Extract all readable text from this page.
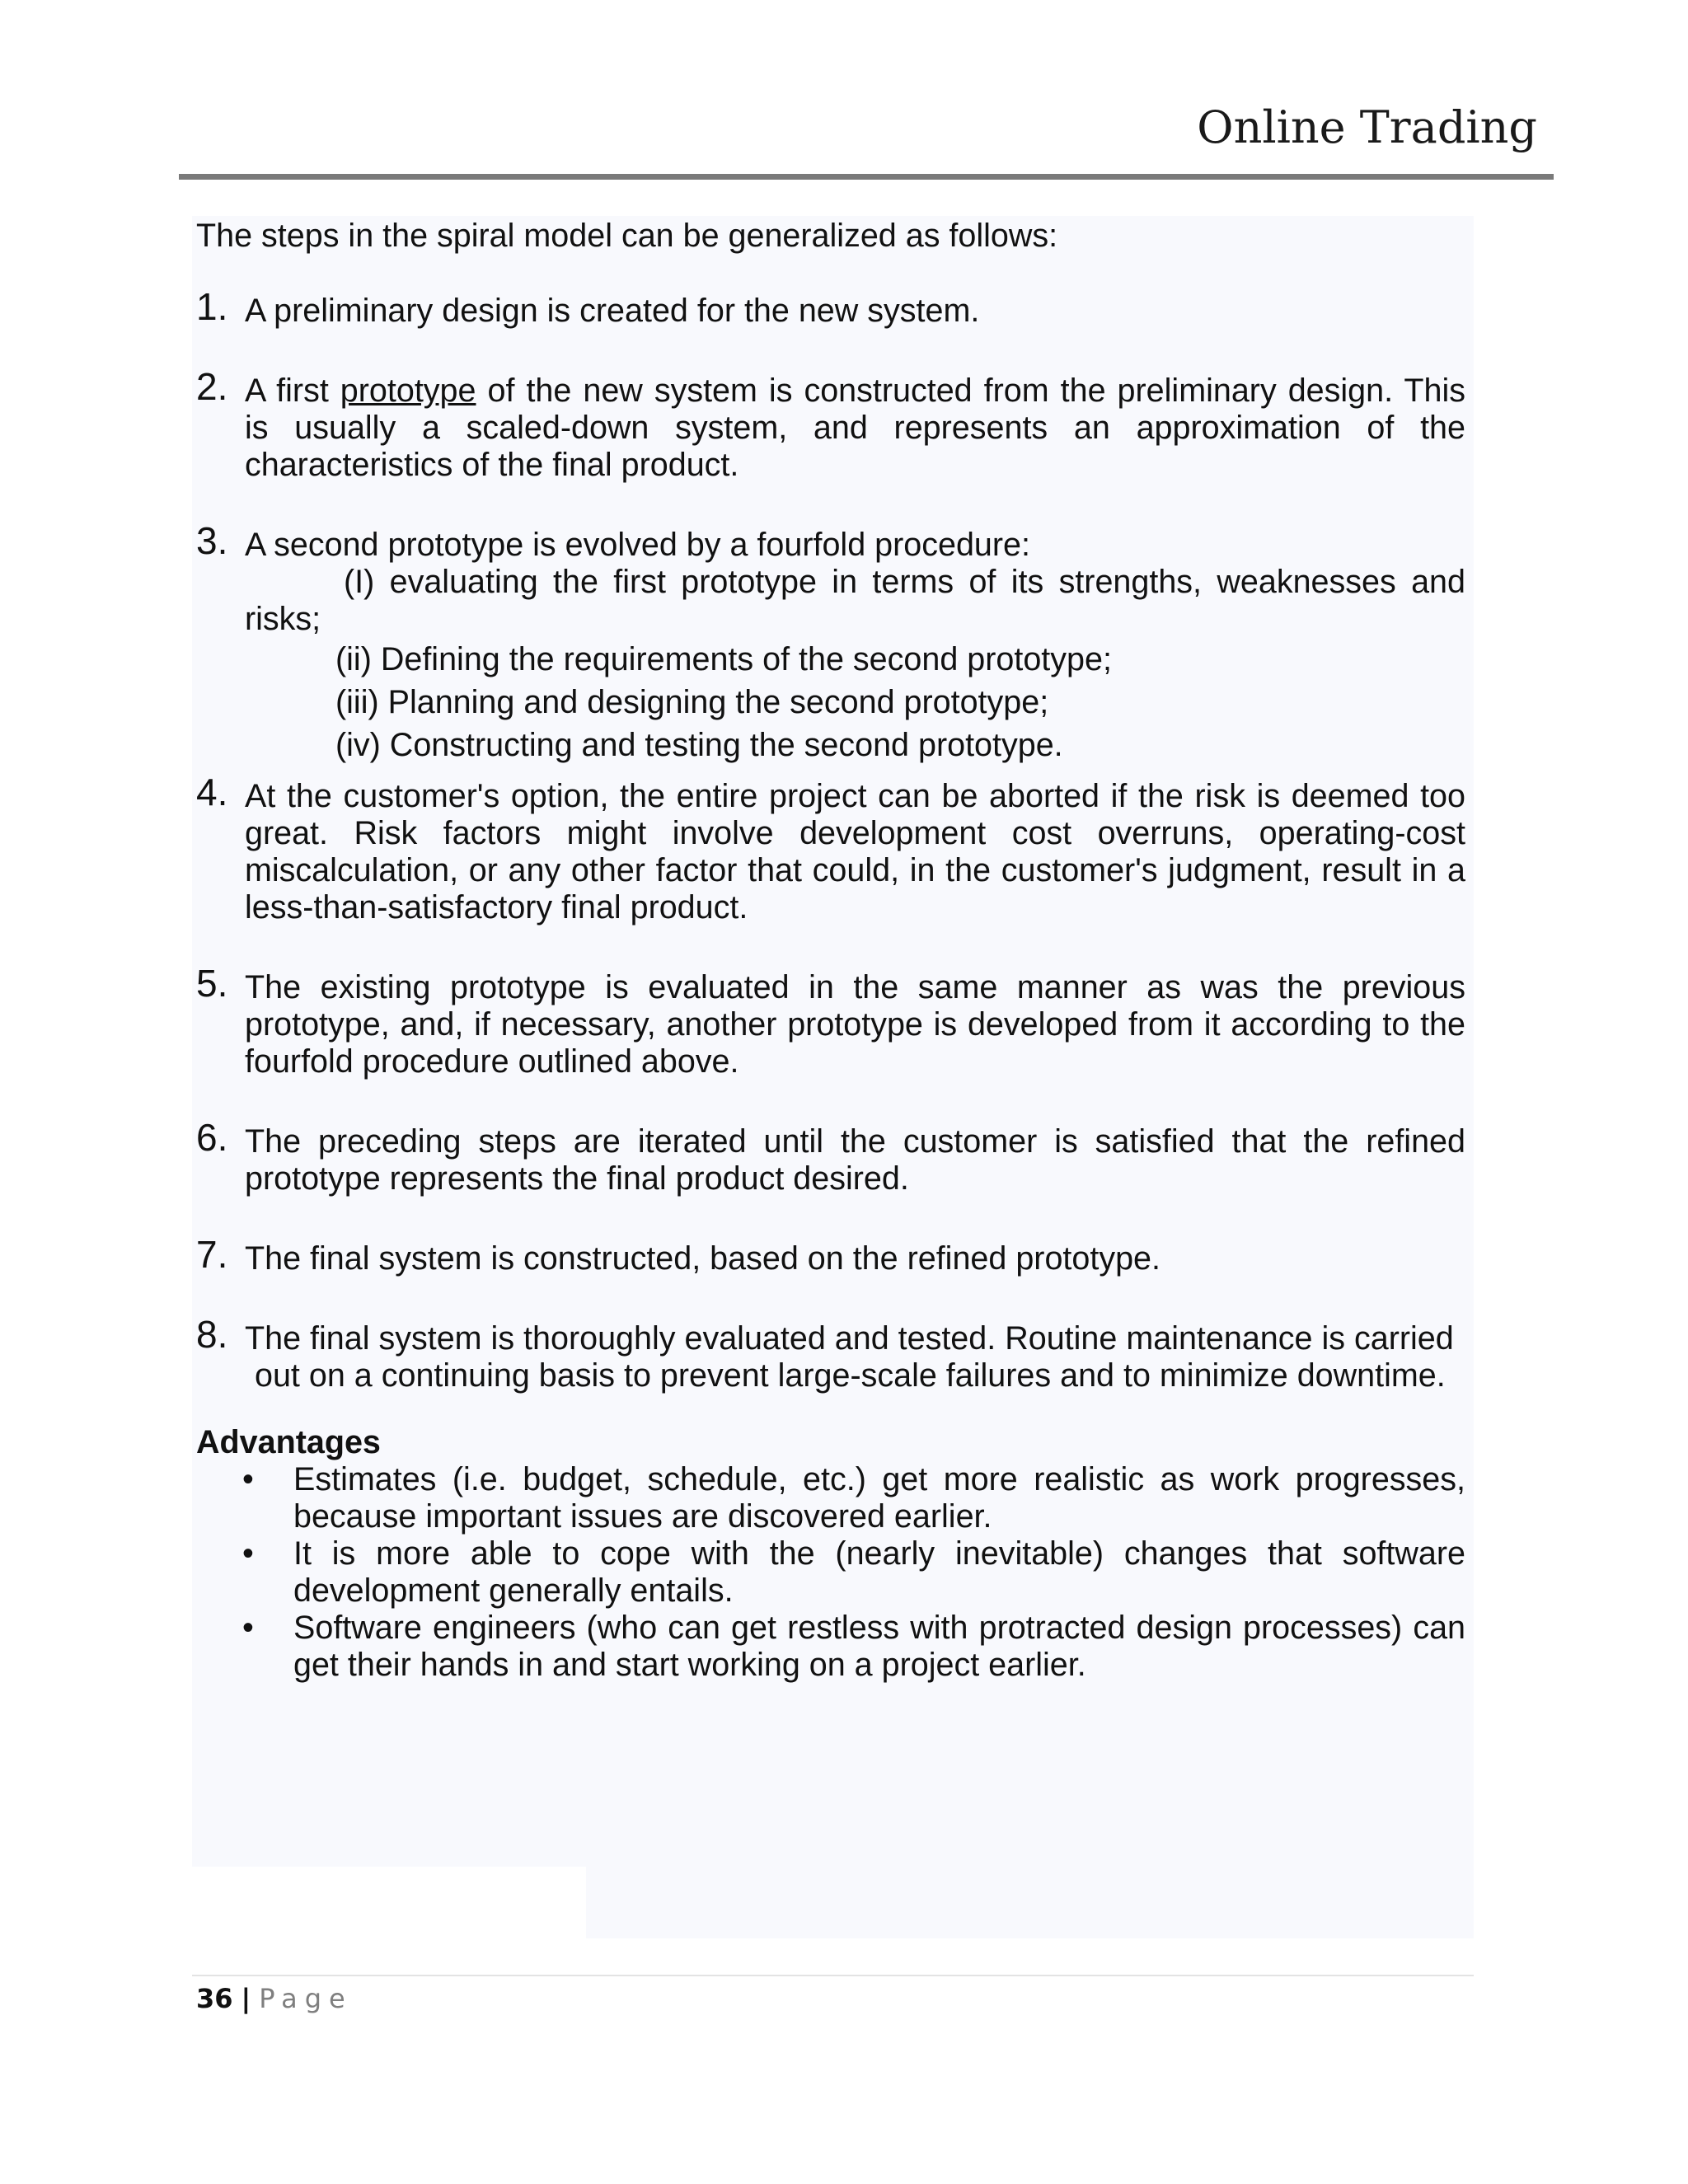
Online Trading

The steps in the spiral model can be generalized as follows:

1. A preliminary design is created for the new system.
2. A first prototype of the new system is constructed from the preliminary design. This is usually a scaled-down system, and represents an approximation of the characteristics of the final product.
3. A second prototype is evolved by a fourfold procedure:
(I) evaluating the first prototype in terms of its strengths, weaknesses and risks;
(ii) Defining the requirements of the second prototype;
(iii) Planning and designing the second prototype;
(iv) Constructing and testing the second prototype.
4. At the customer's option, the entire project can be aborted if the risk is deemed too great. Risk factors might involve development cost overruns, operating-cost miscalculation, or any other factor that could, in the customer's judgment, result in a less-than-satisfactory final product.
5. The existing prototype is evaluated in the same manner as was the previous prototype, and, if necessary, another prototype is developed from it according to the fourfold procedure outlined above.
6. The preceding steps are iterated until the customer is satisfied that the refined prototype represents the final product desired.
7. The final system is constructed, based on the refined prototype.
8. The final system is thoroughly evaluated and tested. Routine maintenance is carried
out on a continuing basis to prevent large-scale failures and to minimize downtime.
Advantages
• Estimates (i.e. budget, schedule, etc.) get more realistic as work progresses, because important issues are discovered earlier.
• It is more able to cope with the (nearly inevitable) changes that software development generally entails.
• Software engineers (who can get restless with protracted design processes) can get their hands in and start working on a project earlier.
36 | Page
